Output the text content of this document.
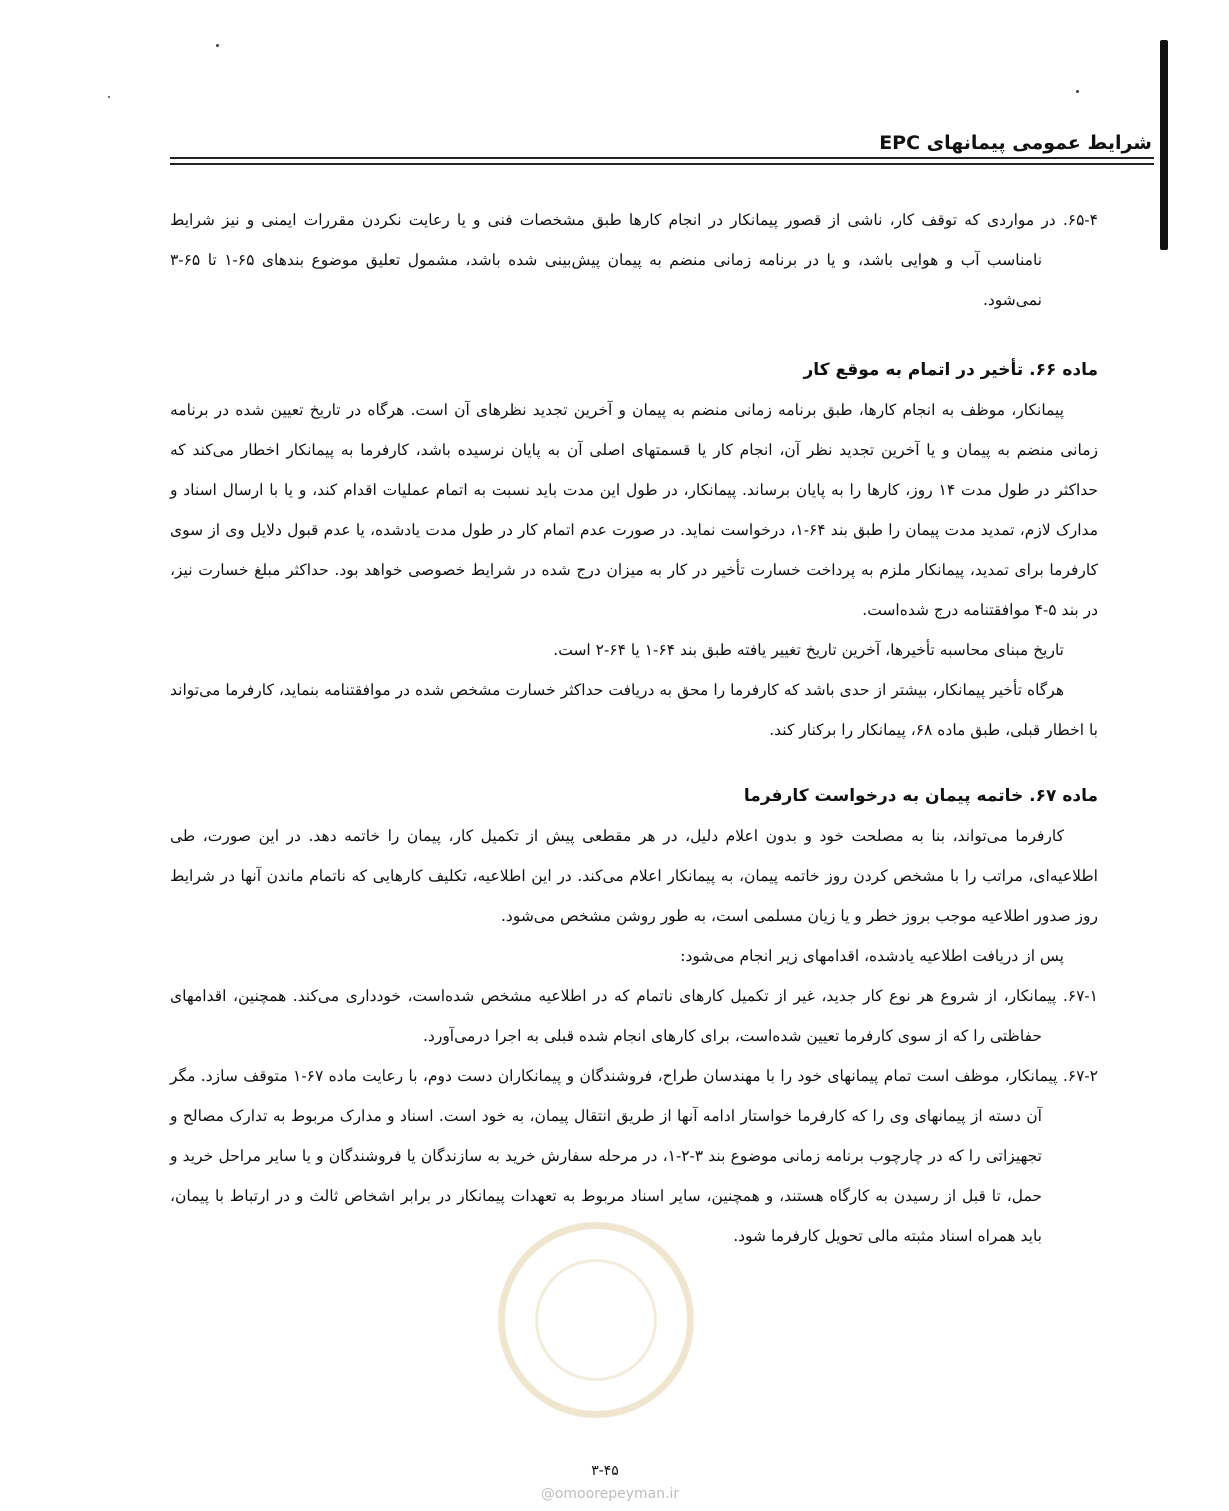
شرایط عمومی پیمانهای EPC

۶۵-۴. در مواردی که توقف کار، ناشی از قصور پیمانکار در انجام کارها طبق مشخصات فنی و یا رعایت نکردن مقررات ایمنی و نیز شرایط نامناسب آب و هوایی باشد، و یا در برنامه زمانی منضم به پیمان پیش‌بینی شده باشد، مشمول تعلیق موضوع بندهای ۶۵-۱ تا ۶۵-۳ نمی‌شود.

ماده ۶۶. تأخیر در اتمام به موقع کار

پیمانکار، موظف به انجام کارها، طبق برنامه زمانی منضم به پیمان و آخرین تجدید نظرهای آن است. هرگاه در تاریخ تعیین شده در برنامه زمانی منضم به پیمان و یا آخرین تجدید نظر آن، انجام کار یا قسمتهای اصلی آن به پایان نرسیده باشد، کارفرما به پیمانکار اخطار می‌کند که حداکثر در طول مدت ۱۴ روز، کارها را به پایان برساند. پیمانکار، در طول این مدت باید نسبت به اتمام عملیات اقدام کند، و یا با ارسال اسناد و مدارک لازم، تمدید مدت پیمان را طبق بند ۶۴-۱، درخواست نماید. در صورت عدم اتمام کار در طول مدت یادشده، یا عدم قبول دلایل وی از سوی کارفرما برای تمدید، پیمانکار ملزم به پرداخت خسارت تأخیر در کار به میزان درج شده در شرایط خصوصی خواهد بود. حداکثر مبلغ خسارت نیز، در بند ۵-۴ موافقتنامه درج شده‌است.

تاریخ مبنای محاسبه تأخیرها، آخرین تاریخ تغییر یافته طبق بند ۶۴-۱ یا ۶۴-۲ است.

هرگاه تأخیر پیمانکار، بیشتر از حدی باشد که کارفرما را محق به دریافت حداکثر خسارت مشخص شده در موافقتنامه بنماید، کارفرما می‌تواند با اخطار قبلی، طبق ماده ۶۸، پیمانکار را برکنار کند.

ماده ۶۷. خاتمه پیمان به درخواست کارفرما

کارفرما می‌تواند، بنا به مصلحت خود و بدون اعلام دلیل، در هر مقطعی پیش از تکمیل کار، پیمان را خاتمه دهد. در این صورت، طی اطلاعیه‌ای، مراتب را با مشخص کردن روز خاتمه پیمان، به پیمانکار اعلام می‌کند. در این اطلاعیه، تکلیف کارهایی که ناتمام ماندن آنها در شرایط روز صدور اطلاعیه موجب بروز خطر و یا زیان مسلمی است، به طور روشن مشخص می‌شود.

پس از دریافت اطلاعیه یادشده، اقدامهای زیر انجام می‌شود:

۶۷-۱. پیمانکار، از شروع هر نوع کار جدید، غیر از تکمیل کارهای ناتمام که در اطلاعیه مشخص شده‌است، خودداری می‌کند. همچنین، اقدامهای حفاظتی را که از سوی کارفرما تعیین شده‌است، برای کارهای انجام شده قبلی به اجرا درمی‌آورد.

۶۷-۲. پیمانکار، موظف است تمام پیمانهای خود را با مهندسان طراح، فروشندگان و پیمانکاران دست دوم، با رعایت ماده ۶۷-۱ متوقف سازد. مگر آن دسته از پیمانهای وی را که کارفرما خواستار ادامه آنها از طریق انتقال پیمان، به خود است. اسناد و مدارک مربوط به تدارک مصالح و تجهیزاتی را که در چارچوب برنامه زمانی موضوع بند ۳-۲-۱، در مرحله سفارش خرید به سازندگان یا فروشندگان و یا سایر مراحل خرید و حمل، تا قبل از رسیدن به کارگاه هستند، و همچنین، سایر اسناد مربوط به تعهدات پیمانکار در برابر اشخاص ثالث و در ارتباط با پیمان، باید همراه اسناد مثبته مالی تحویل کارفرما شود.

۳-۴۵
@omoorepeyman.ir
